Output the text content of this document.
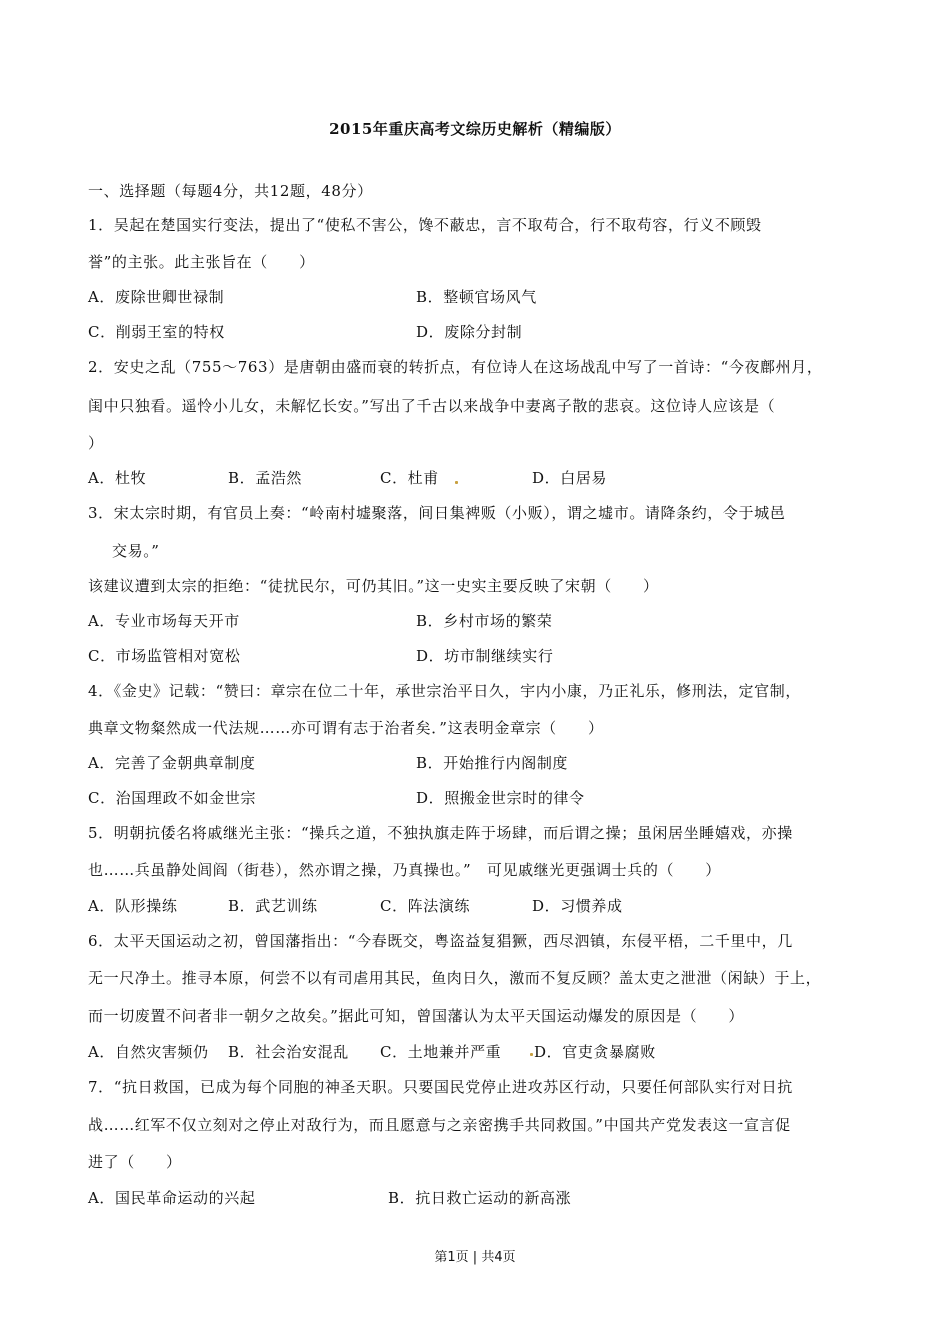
2015年重庆高考文综历史解析（精编版）
一、选择题（每题4分，共12题，48分）
1．吴起在楚国实行变法，提出了“使私不害公，馋不蔽忠，言不取苟合，行不取苟容，行义不顾毁
誉”的主张。此主张旨在（　　）
A．废除世卿世禄制	B．整顿官场风气
C．削弱王室的特权	D．废除分封制
2．安史之乱（755～763）是唐朝由盛而衰的转折点，有位诗人在这场战乱中写了一首诗：“今夜鄜州月，
闺中只独看。遥怜小儿女，未解忆长安。”写出了千古以来战争中妻离子散的悲哀。这位诗人应该是（
）
A．杜牧	B．孟浩然	C．杜甫	D．白居易
3．宋太宗时期，有官员上奏：“岭南村墟聚落，间日集裨贩（小贩），谓之墟市。请降条约，令于城邑
交易。”
该建议遭到太宗的拒绝：“徒扰民尔，可仍其旧。”这一史实主要反映了宋朝（　　）
A．专业市场每天开市	B．乡村市场的繁荣
C．市场监管相对宽松	D．坊市制继续实行
4．《金史》记载：“赞曰：章宗在位二十年，承世宗治平日久，宇内小康，乃正礼乐，修刑法，定官制，
典章文物粲然成一代法规……亦可谓有志于治者矣．”这表明金章宗（　　）
A．完善了金朝典章制度	B．开始推行内阁制度
C．治国理政不如金世宗	D．照搬金世宗时的律令
5．明朝抗倭名将戚继光主张：“操兵之道，不独执旗走阵于场肆，而后谓之操；虽闲居坐睡嬉戏，亦操
也……兵虽静处闾阎（街巷），然亦谓之操，乃真操也。”　可见戚继光更强调士兵的（　　）
A．队形操练	B．武艺训练	C．阵法演练	D．习惯养成
6．太平天国运动之初，曾国藩指出：“今春既交，粤盗益复猖獗，西尽泗镇，东侵平梧，二千里中，几
无一尺净土。推寻本原，何尝不以有司虐用其民，鱼肉日久，激而不复反顾？盖太吏之泄泄（闲缺）于上，
而一切废置不问者非一朝夕之故矣。”据此可知，曾国藩认为太平天国运动爆发的原因是（　　）
A．自然灾害频仍 B．社会治安混乱 C．土地兼并严重 D．官吏贪暴腐败
7．“抗日救国，已成为每个同胞的神圣天职。只要国民党停止进攻苏区行动，只要任何部队实行对日抗
战……红军不仅立刻对之停止对敌行为，而且愿意与之亲密携手共同救国。”中国共产党发表这一宣言促
进了（　　）
A．国民革命运动的兴起	B．抗日救亡运动的新高涨
第1页 | 共4页
